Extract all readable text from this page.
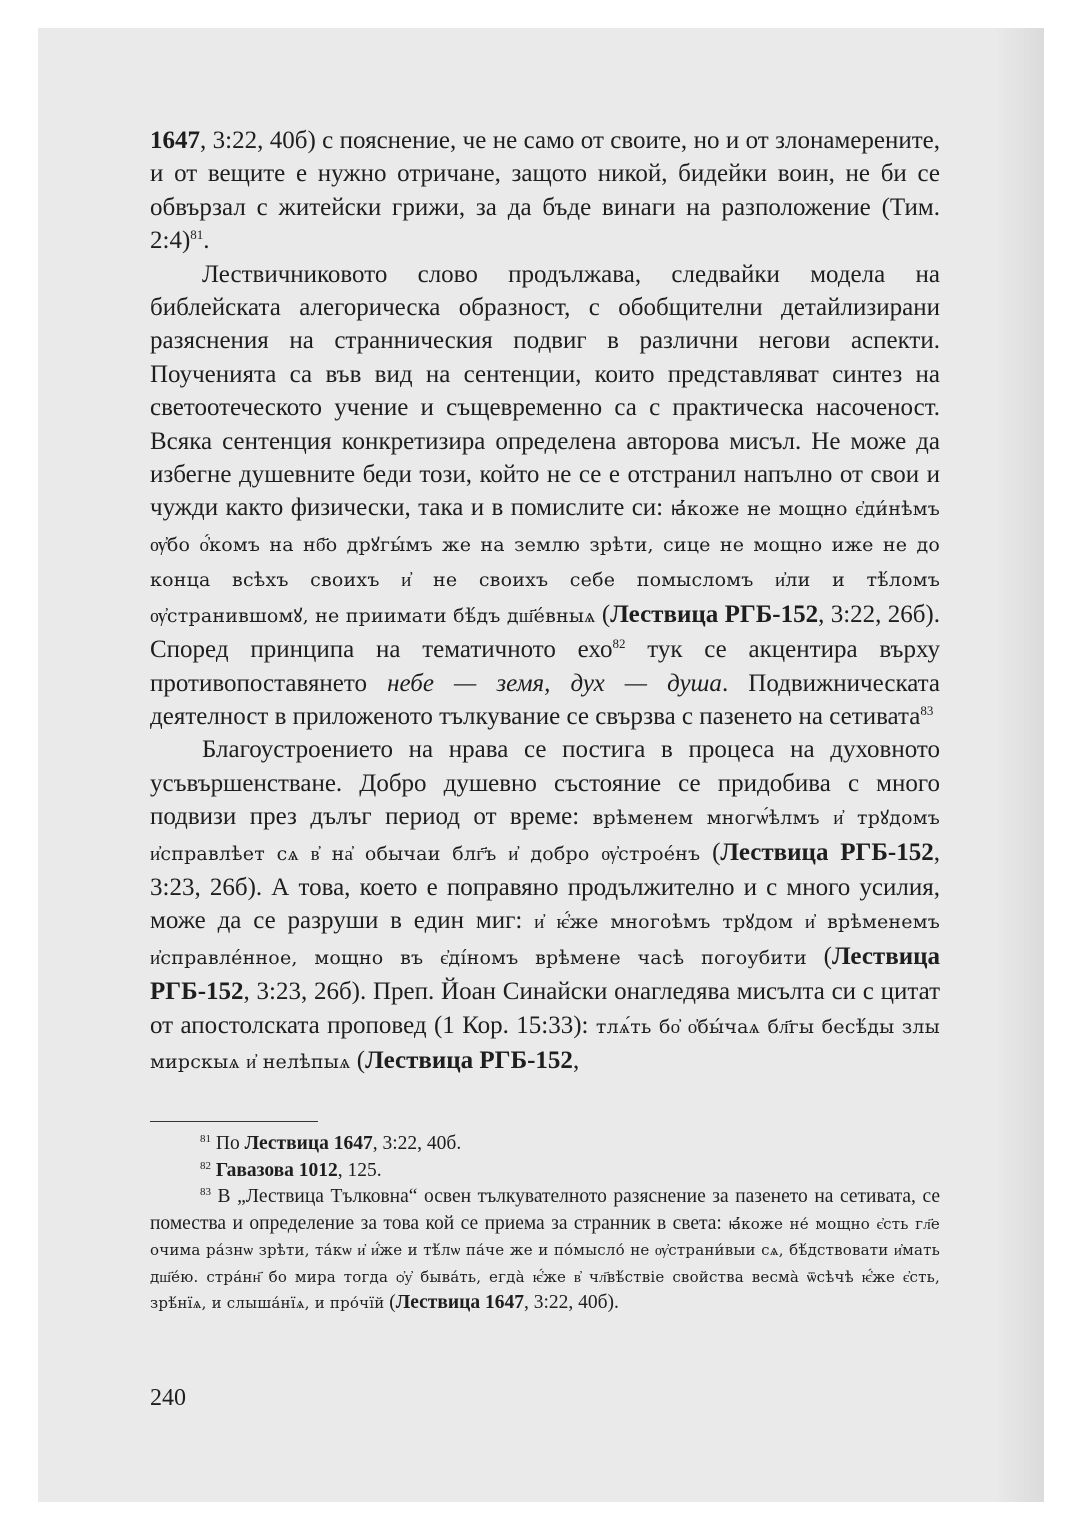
1647, 3:22, 40б) с пояснение, че не само от своите, но и от злонамерените, и от вещите е нужно отричане, защото никой, бидейки воин, не би се обвързал с житейски грижи, за да бъде винаги на разположение (Тим. 2:4)$^{81}$.

Лествичниковото слово продължава, следвайки модела на библейската алегорическа образност, с обобщителни детайлизирани разяснения на странническия подвиг в различни негови аспекти. Поученията са във вид на сентенции, които представляват синтез на светоотеческото учение и същевременно са с практическа насоченост. Всяка сентенция конкретизира определена авторова мисъл. Не може да избегне душевните беди този, който не се е отстранил напълно от свои и чужди както физически, така и в помислите си: ꙗ҆́коже не мощно є҆ди́нѣмъ ѹ҆бо о҆́комъ на нб҃о дрꙋгы́мъ же на землю зрѣти, сице не мощно иже не до конца всѣхъ своихъ и҆ не своихъ себе помысломъ и҆ли и тѣ́ломъ ѹ҆странившомꙋ, не приимати бѣ́дъ дш҃е́вныѧ (Лествица РГБ-152, 3:22, 26б). Според принципа на тематичното ехо$^{82}$ тук се акцентира върху противопоставянето небе — земя, дух — душа. Подвижническата деятелност в приложеното тълкувание се свързва с пазенето на сетивата$^{83}$

Благоустроението на нрава се постига в процеса на духовното усъвършенстване. Добро душевно състояние се придобива с много подвизи през дълъг период от време: врѣменем многѡ́ѣлмъ и҆ трꙋдомъ и҆справлѣет сѧ в҆ на҆ обычаи блг҃ъ и҆ добро ѹ҆строе́нъ (Лествица РГБ-152, 3:23, 26б). А това, което е поправяно продължително и с много усилия, може да се разруши в един миг: и҆ ѥ҆́же многоѣмъ трꙋдом и҆ врѣменемъ и҆справле́нное, мощно въ є҆ді́номъ врѣмене часѣ погоубити (Лествица РГБ-152, 3:23, 26б). Преп. Йоан Синайски онагледява мисълта си с цитат от апостолската проповед (1 Кор. 15:33): тлѧ́ть бо҆ о҆бы́чаѧ бл҃гы бесѣ́ды злы мирскыѧ и҆ нелѣпыѧ (Лествица РГБ-152,

$^{81}$ По Лествица 1647, 3:22, 40б.

$^{82}$ Гавазова 1012, 125.

$^{83}$ В „Лествица Тълковна“ освен тълкувателното разяснение за пазенето на сетивата, се помества и определение за това кой се приема за странник в света: ꙗ҆́коже не́ мощно є҆сть гл҃е очима ра́знѡ зрѣти, та́кѡ и҆ и҆́же и тѣ́лѡ па́че же и по́мысло́ не ѹ҆страни́выи сѧ, бѣ́дствовати и҆мать дш҃е́ю. стра́нн҃ бо мира тогда ѻ҆у҆ быва́ть, егда̀ ѥ҆́же в҆ чл҃вѣ́ствіе свойства весма̀ ѿсѣчѣ ѥ҆́же є҆сть, зрѣ́нїѧ, и слыша́нїѧ, и про́чїй (Лествица 1647, 3:22, 40б).

240
